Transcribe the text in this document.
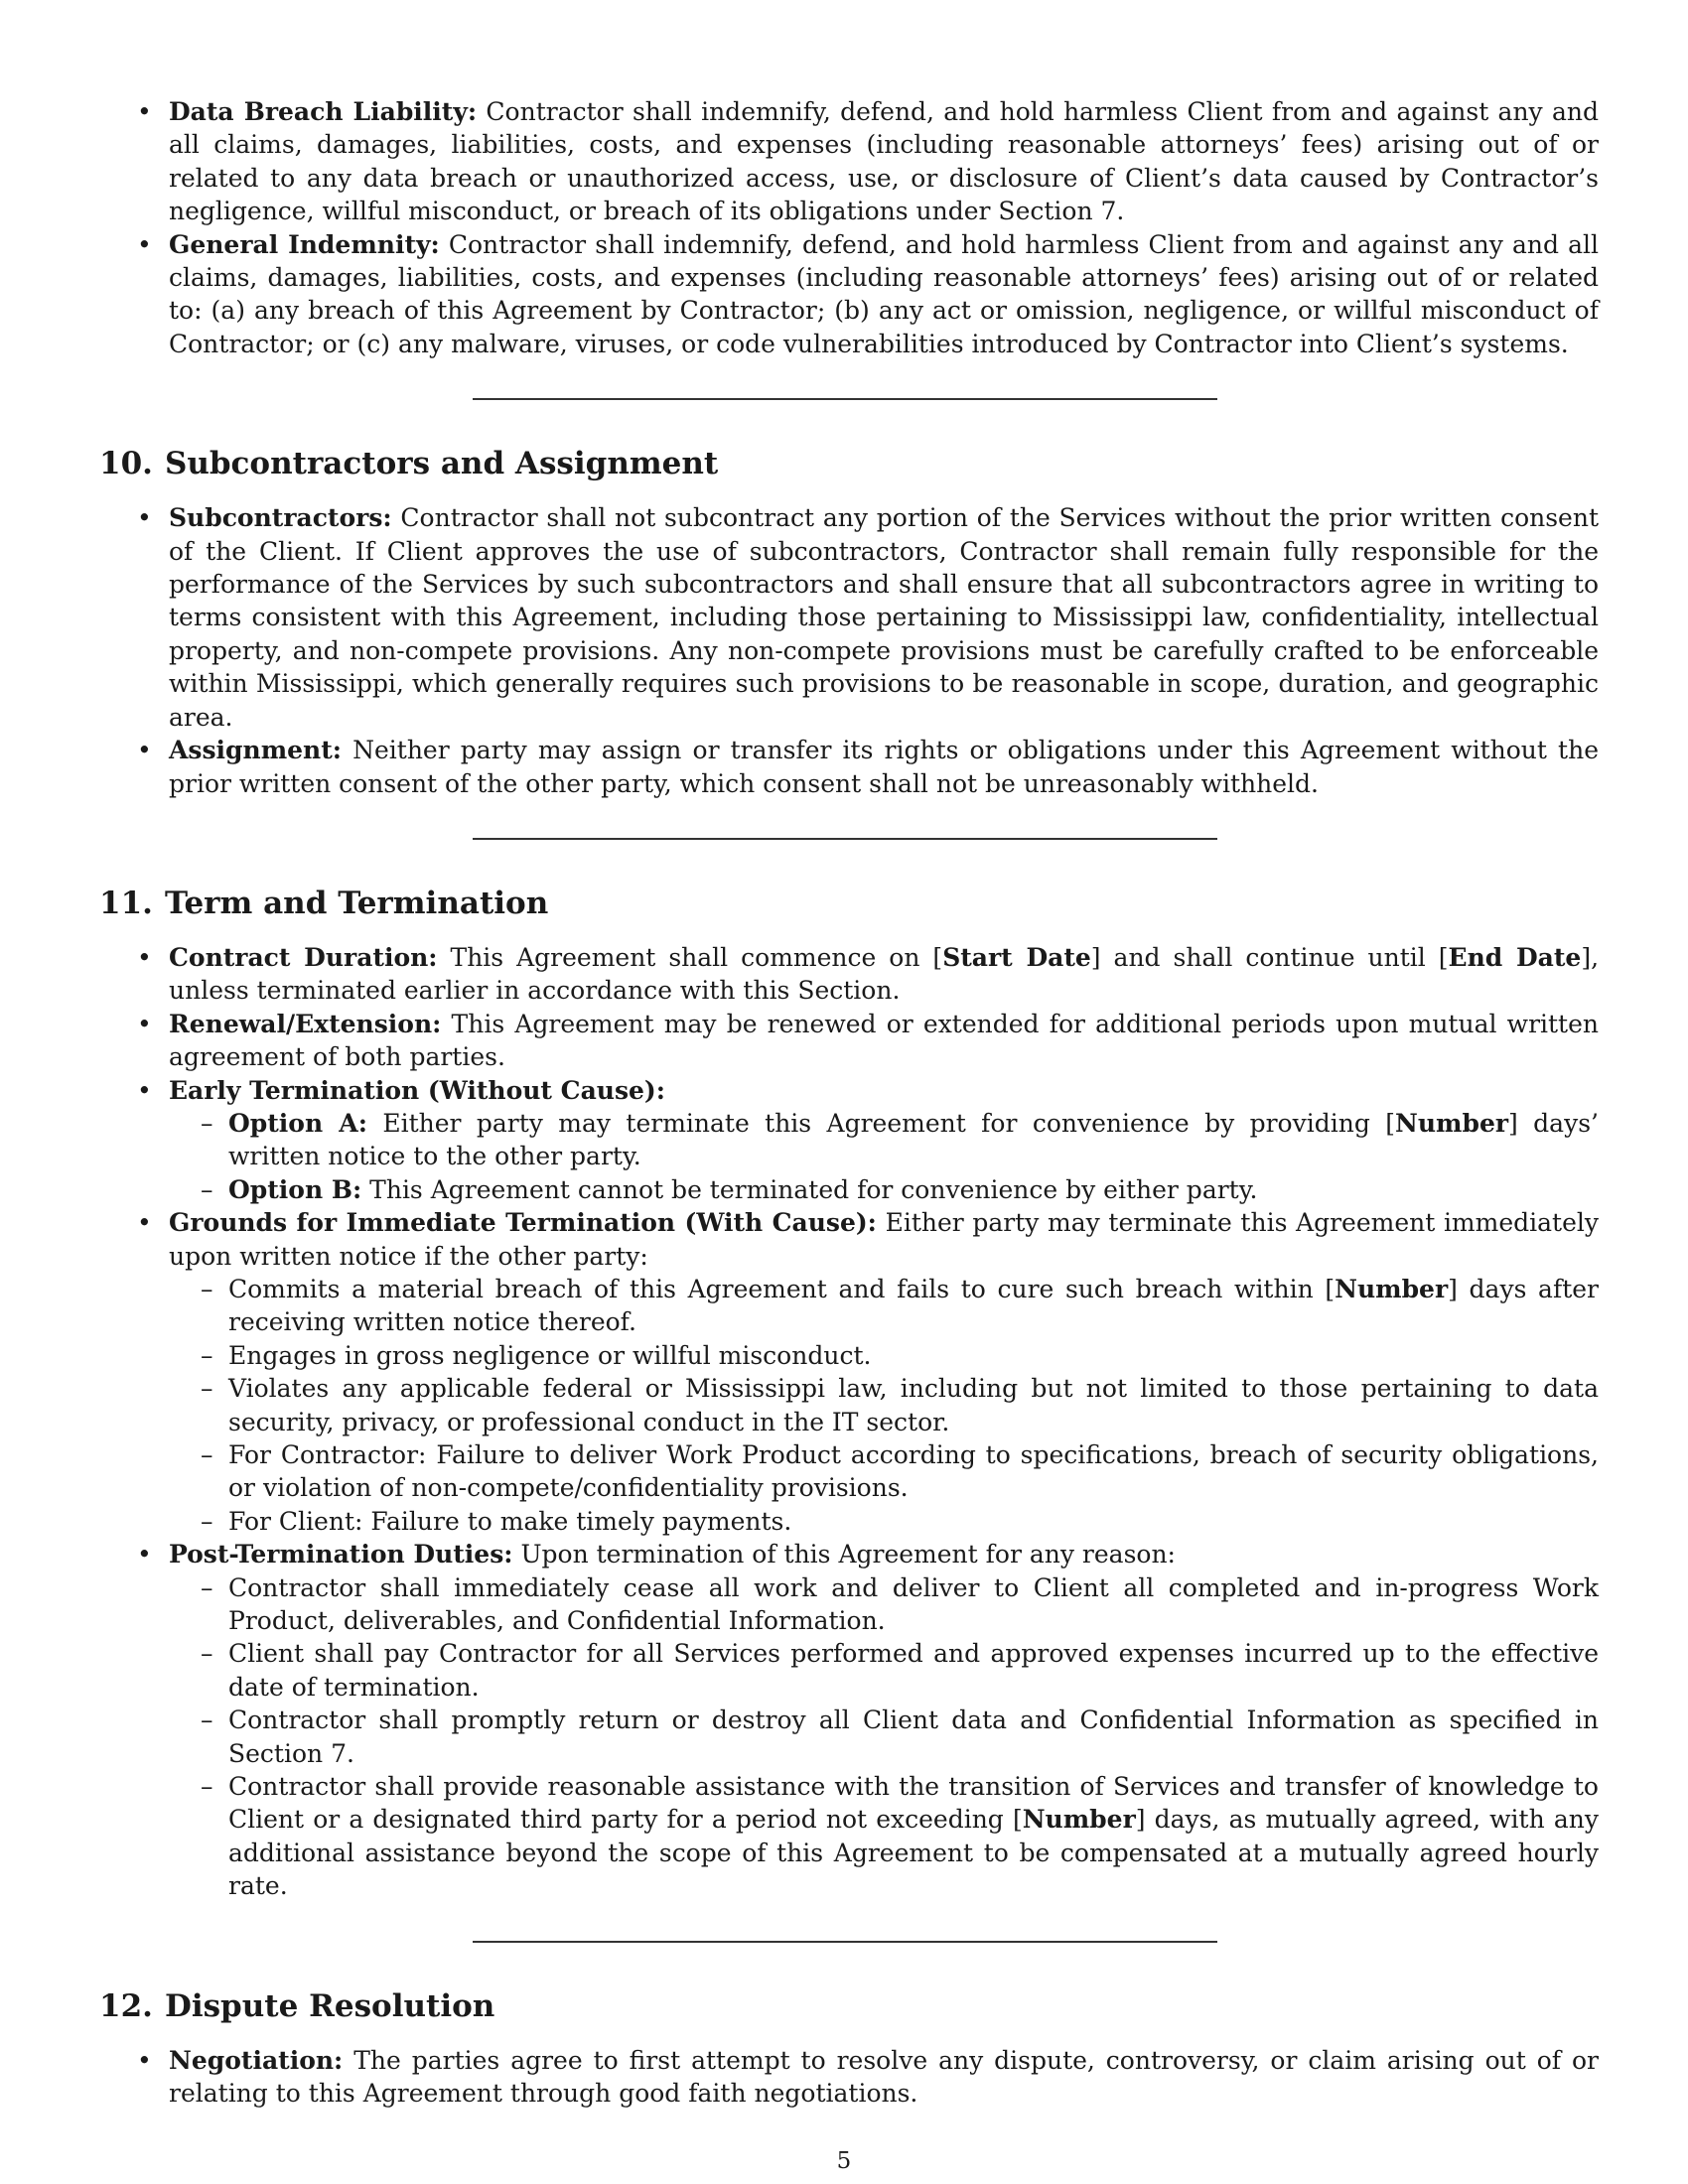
• Data Breach Liability: Contractor shall indemnify, defend, and hold harmless Client from and against any and all claims, damages, liabilities, costs, and expenses (including reasonable attorneys’ fees) arising out of or related to any data breach or unauthorized access, use, or disclosure of Client’s data caused by Contractor’s negligence, willful misconduct, or breach of its obligations under Section 7.
• General Indemnity: Contractor shall indemnify, defend, and hold harmless Client from and against any and all claims, damages, liabilities, costs, and expenses (including reasonable attorneys’ fees) arising out of or related to: (a) any breach of this Agreement by Contractor; (b) any act or omission, negligence, or willful misconduct of Contractor; or (c) any malware, viruses, or code vulnerabilities introduced by Contractor into Client’s systems.
10. Subcontractors and Assignment
• Subcontractors: Contractor shall not subcontract any portion of the Services without the prior written consent of the Client. If Client approves the use of subcontractors, Contractor shall remain fully responsible for the performance of the Services by such subcontractors and shall ensure that all subcontractors agree in writing to terms consistent with this Agreement, including those pertaining to Mississippi law, confidentiality, intellectual property, and non-compete provisions. Any non-compete provisions must be carefully crafted to be enforceable within Mississippi, which generally requires such provisions to be reasonable in scope, duration, and geographic area.
• Assignment: Neither party may assign or transfer its rights or obligations under this Agreement without the prior written consent of the other party, which consent shall not be unreasonably withheld.
11. Term and Termination
• Contract Duration: This Agreement shall commence on [Start Date] and shall continue until [End Date], unless terminated earlier in accordance with this Section.
• Renewal/Extension: This Agreement may be renewed or extended for additional periods upon mutual written agreement of both parties.
• Early Termination (Without Cause):
– Option A: Either party may terminate this Agreement for convenience by providing [Number] days’ written notice to the other party.
– Option B: This Agreement cannot be terminated for convenience by either party.
• Grounds for Immediate Termination (With Cause): Either party may terminate this Agreement immediately upon written notice if the other party:
– Commits a material breach of this Agreement and fails to cure such breach within [Number] days after receiving written notice thereof.
– Engages in gross negligence or willful misconduct.
– Violates any applicable federal or Mississippi law, including but not limited to those pertaining to data security, privacy, or professional conduct in the IT sector.
– For Contractor: Failure to deliver Work Product according to specifications, breach of security obligations, or violation of non-compete/confidentiality provisions.
– For Client: Failure to make timely payments.
• Post-Termination Duties: Upon termination of this Agreement for any reason:
– Contractor shall immediately cease all work and deliver to Client all completed and in-progress Work Product, deliverables, and Confidential Information.
– Client shall pay Contractor for all Services performed and approved expenses incurred up to the effective date of termination.
– Contractor shall promptly return or destroy all Client data and Confidential Information as specified in Section 7.
– Contractor shall provide reasonable assistance with the transition of Services and transfer of knowledge to Client or a designated third party for a period not exceeding [Number] days, as mutually agreed, with any additional assistance beyond the scope of this Agreement to be compensated at a mutually agreed hourly rate.
12. Dispute Resolution
• Negotiation: The parties agree to first attempt to resolve any dispute, controversy, or claim arising out of or relating to this Agreement through good faith negotiations.
5
